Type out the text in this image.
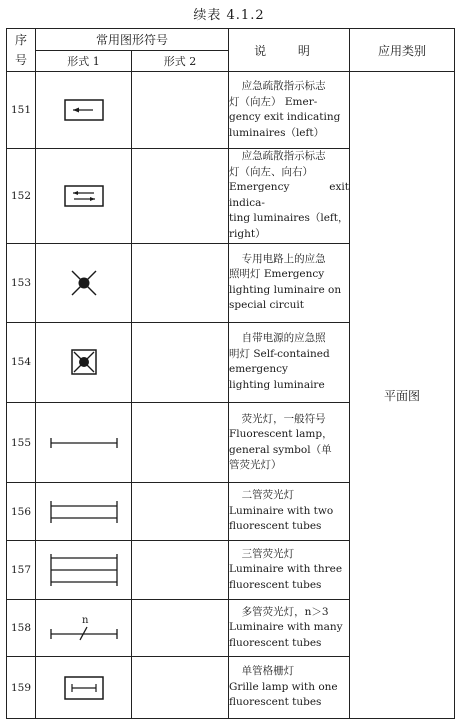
续表 4.1.2
序号	常用图形符号		说 明	应用类别
	形式 1	形式 2		
151			应急疏散指示标志
灯（向左） Emer-
gency exit indicating
luminaires（left）	平面图
152			应急疏散指示标志
灯（向左、向右）
Emergency exit indica-
ting luminaires（left，
right）	

153			专用电路上的应急
照明灯 Emergency
lighting luminaire on
special circuit	

154			自带电源的应急照
明灯 Self-contained
emergency
lighting luminaire	

155			荧光灯，一般符号
Fluorescent lamp，
general symbol（单
管荧光灯）	

156			二管荧光灯
Luminaire with two
fluorescent tubes	

157			三管荧光灯
Luminaire with three
fluorescent tubes	

158	n		多管荧光灯，n＞3
Luminaire with many
fluorescent tubes	

159			单管格栅灯
Grille lamp with one
fluorescent tubes	
